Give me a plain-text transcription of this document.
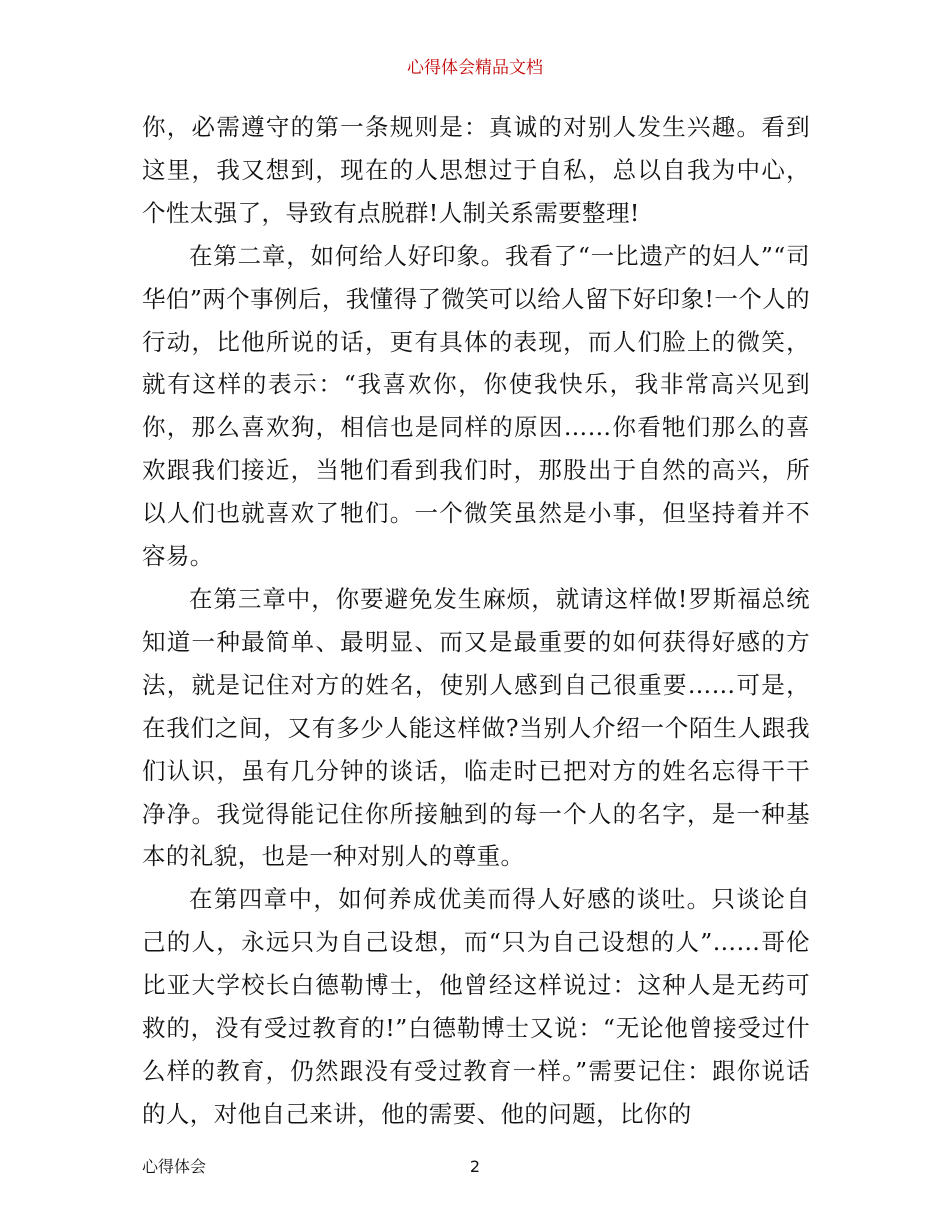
心得体会精品文档

你，必需遵守的第一条规则是：真诚的对别人发生兴趣。看到这里，我又想到，现在的人思想过于自私，总以自我为中心，个性太强了，导致有点脱群!人制关系需要整理!

在第二章，如何给人好印象。我看了“一比遗产的妇人”“司华伯”两个事例后，我懂得了微笑可以给人留下好印象!一个人的行动，比他所说的话，更有具体的表现，而人们脸上的微笑，就有这样的表示：“我喜欢你，你使我快乐，我非常高兴见到你，那么喜欢狗，相信也是同样的原因……你看牠们那么的喜欢跟我们接近，当牠们看到我们时，那股出于自然的高兴，所以人们也就喜欢了牠们。一个微笑虽然是小事，但坚持着并不容易。

在第三章中，你要避免发生麻烦，就请这样做!罗斯福总统知道一种最简单、最明显、而又是最重要的如何获得好感的方法，就是记住对方的姓名，使别人感到自己很重要……可是，在我们之间，又有多少人能这样做?当别人介绍一个陌生人跟我们认识，虽有几分钟的谈话，临走时已把对方的姓名忘得干干净净。我觉得能记住你所接触到的每一个人的名字，是一种基本的礼貌，也是一种对别人的尊重。

在第四章中，如何养成优美而得人好感的谈吐。只谈论自己的人，永远只为自己设想，而“只为自己设想的人”……哥伦比亚大学校长白德勒博士，他曾经这样说过：这种人是无药可救的，没有受过教育的!”白德勒博士又说：“无论他曾接受过什么样的教育，仍然跟没有受过教育一样。”需要记住：跟你说话的人，对他自己来讲，他的需要、他的问题，比你的

心得体会	2
